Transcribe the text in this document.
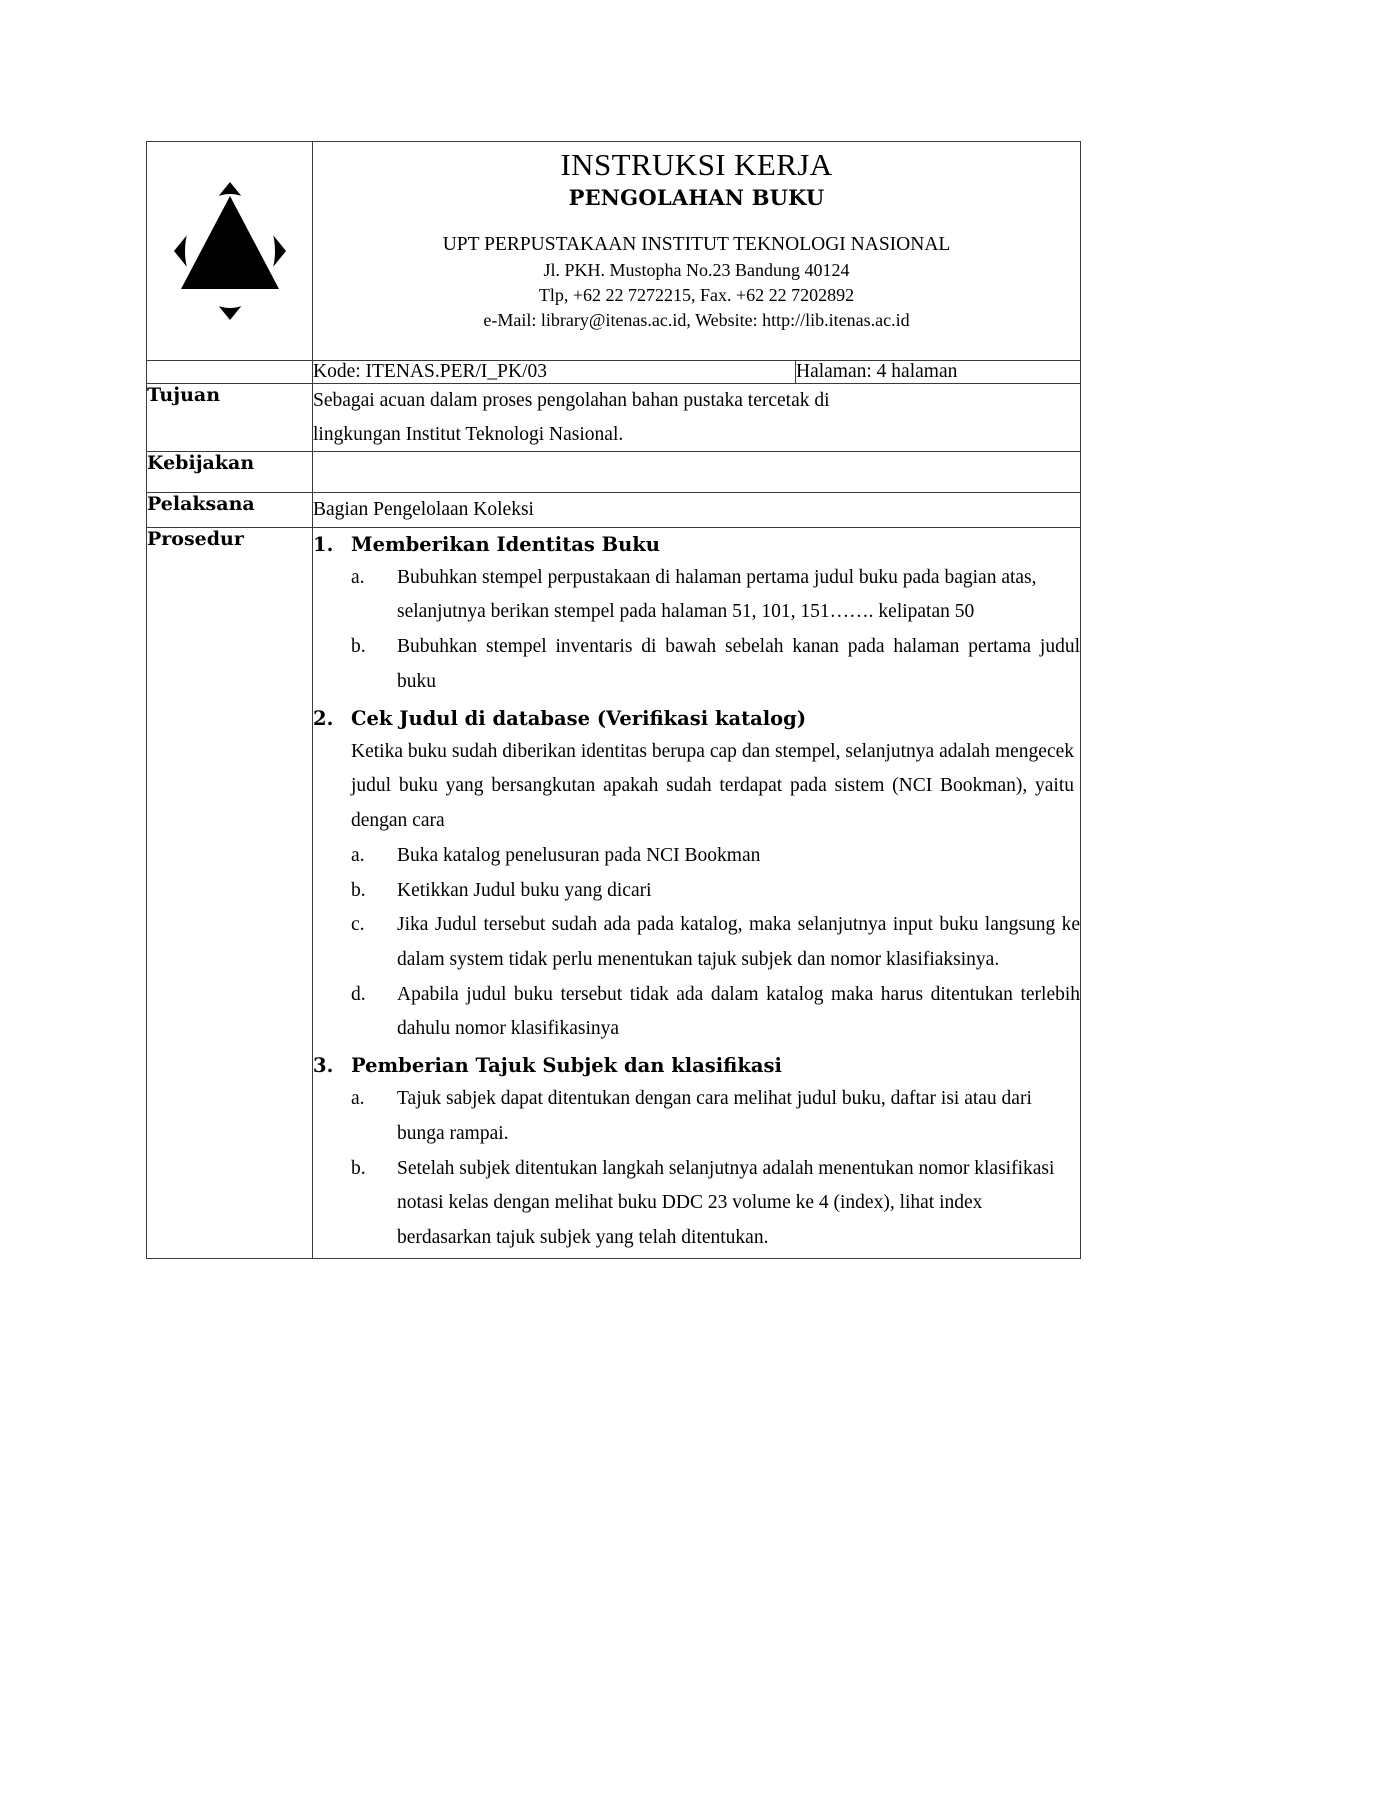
INSTRUKSI KERJA
PENGOLAHAN BUKU
UPT PERPUSTAKAAN INSTITUT TEKNOLOGI NASIONAL
Jl. PKH. Mustopha No.23 Bandung 40124
Tlp, +62 22 7272215, Fax. +62 22 7202892
e-Mail: library@itenas.ac.id, Website: http://lib.itenas.ac.id

	Kode: ITENAS.PER/I_PK/03	Halaman: 4 halaman
Tujuan	Sebagai acuan dalam proses pengolahan bahan pustaka tercetak di

lingkungan Institut Teknologi Nasional.	

Kebijakan		
Pelaksana	Bagian Pengelolaan Koleksi	
Prosedur	1. Memberikan Identitas Buku
a.	Bubuhkan stempel perpustakaan di halaman pertama judul buku pada bagian atas, selanjutnya berikan stempel pada halaman 51, 101, 151……. kelipatan 50
b.	Bubuhkan stempel inventaris di bawah sebelah kanan pada halaman pertama judul buku
2. Cek Judul di database (Verifikasi katalog)

Ketika buku sudah diberikan identitas berupa cap dan stempel, selanjutnya adalah mengecek judul buku yang bersangkutan apakah sudah terdapat pada sistem (NCI Bookman), yaitu dengan cara

a.	Buka katalog penelusuran pada NCI Bookman
b.	Ketikkan Judul buku yang dicari
c.	Jika Judul tersebut sudah ada pada katalog, maka selanjutnya input buku langsung ke dalam system tidak perlu menentukan tajuk subjek dan nomor klasifiaksinya.
d.	Apabila judul buku tersebut tidak ada dalam katalog maka harus ditentukan terlebih dahulu nomor klasifikasinya
3. Pemberian Tajuk Subjek dan klasifikasi
a.	Tajuk sabjek dapat ditentukan dengan cara melihat judul buku, daftar isi atau dari bunga rampai.
b.	Setelah subjek ditentukan langkah selanjutnya adalah menentukan nomor klasifikasi notasi kelas dengan melihat buku DDC 23 volume ke 4 (index), lihat index berdasarkan tajuk subjek yang telah ditentukan.
